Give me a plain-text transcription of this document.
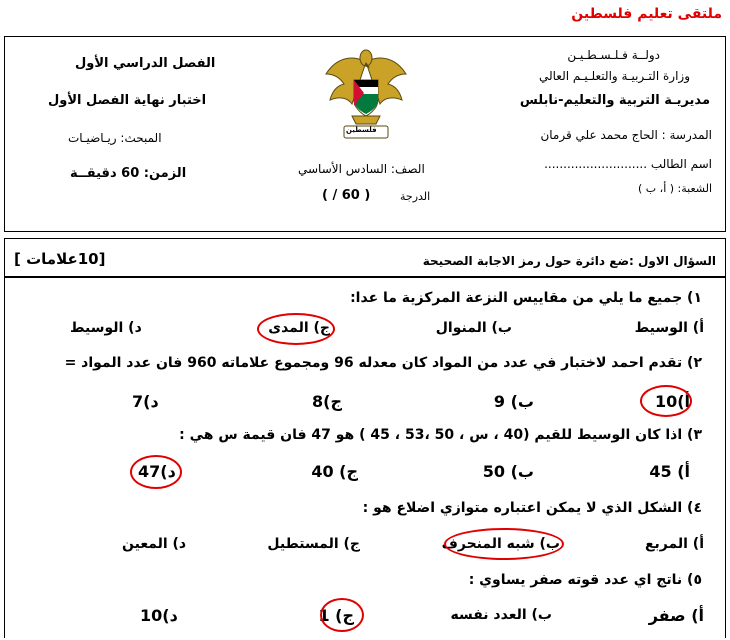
ملتقى تعليم فلسطين
دولــة فـلـسـطـيـن
وزارة التـربيـة والتعلـيـم العالي
مديريـة التربية والتعليم-نابلس
المدرسة : الحاج محمد علي قرمان
اسم الطالب ...........................
الشعبة: ( أ، ب )
الفصل الدراسي الأول
اختبار نهاية الفصل الأول
المبحث: ريـاضيـات
الزمن: 60 دقيقــة
فلسطين
الصف: السادس الأساسي
الدرجة
( / 60 )
السؤال الاول :ضع دائرة حول رمز الاجابة الصحيحة
[10علامات ]
١) جميع ما يلي من مقاييس النزعة المركزية ما عدا:
أ) الوسيط
ب) المنوال
ج) المدى
د) الوسيط
٢) تقدم احمد لاختبار في عدد من المواد كان معدله 96 ومجموع علاماته 960 فان عدد المواد =
أ)10
ب) 9
ج)8
د)7
٣) اذا كان الوسيط للقيم (40 ، س ، 50 ،53 ، 45 ) هو 47 فان قيمة س هي :
أ) 45
ب) 50
ج) 40
د)47
٤) الشكل الذي لا يمكن اعتباره متوازي اضلاع هو :
أ) المربع
ب) شبه المنحرف
ج) المستطيل
د) المعين
٥) ناتج اي عدد قوته صفر يساوي :
أ) صفر
ب) العدد نفسه
ج) 1
د)10
